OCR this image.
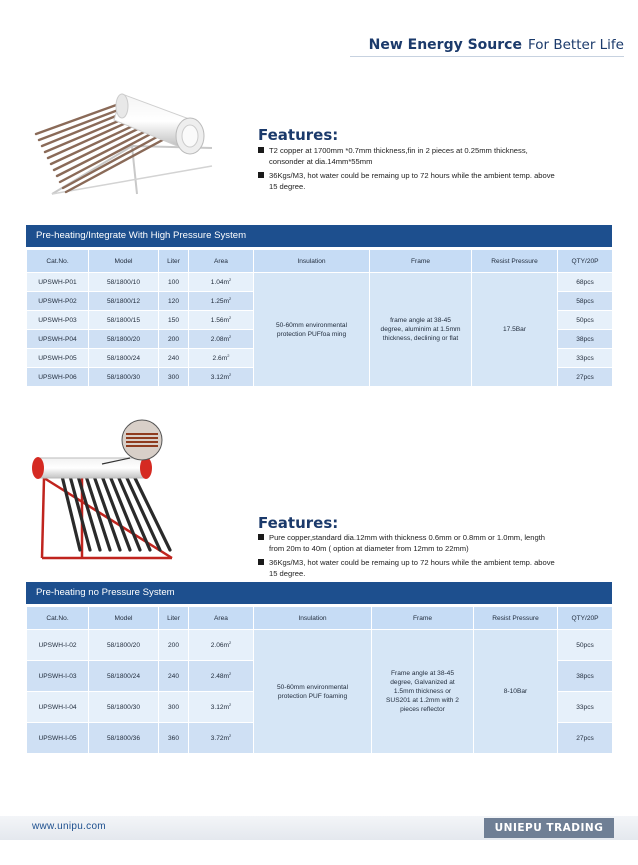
New Energy Source For Better Life
Features:
T2 copper at 1700mm *0.7mm thickness,fin in 2 pieces at 0.25mm thickness, consonder at dia.14mm*55mm
36Kgs/M3, hot water could be remaing up to 72 hours while the ambient temp. above 15 degree.
Pre-heating/Integrate With High Pressure System
Cat.No.	Model	Liter	Area	Insulation	Frame	Resist Pressure	QTY/20P
UPSWH-P01	58/1800/10	100	$1.04m^2$	50-60mm environmental protection PUFfoa ming	frame angle at 38-45 degree, aluminim at 1.5mm thickness, declining or flat	17.5Bar	68pcs
UPSWH-P02	58/1800/12	120	$1.25m^2$				58pcs
UPSWH-P03	58/1800/15	150	$1.56m^2$				50pcs
UPSWH-P04	58/1800/20	200	$2.08m^2$				38pcs
UPSWH-P05	58/1800/24	240	$2.6m^2$				33pcs
UPSWH-P06	58/1800/30	300	$3.12m^2$				27pcs
Features:
Pure copper,standard dia.12mm with thickness 0.6mm or 0.8mm or 1.0mm, length from 20m to 40m ( option at diameter from 12mm to 22mm)
36Kgs/M3, hot water could be remaing up to 72 hours while the ambient temp. above 15 degree.
Pre-heating no Pressure System
Cat.No.	Model	Liter	Area	Insulation	Frame	Resist Pressure	QTY/20P
UPSWH-I-02	58/1800/20	200	$2.06m^2$	50-60mm environmental protection PUF foaming	Frame angle at 38-45 degree, Galvanized at 1.5mm thickness or SUS201 at 1.2mm with 2 pieces reflector	8-10Bar	50pcs
UPSWH-I-03	58/1800/24	240	$2.48m^2$				38pcs
UPSWH-I-04	58/1800/30	300	$3.12m^2$				33pcs
UPSWH-I-05	58/1800/36	360	$3.72m^2$				27pcs
www.unipu.com	UNIEPU TRADING
